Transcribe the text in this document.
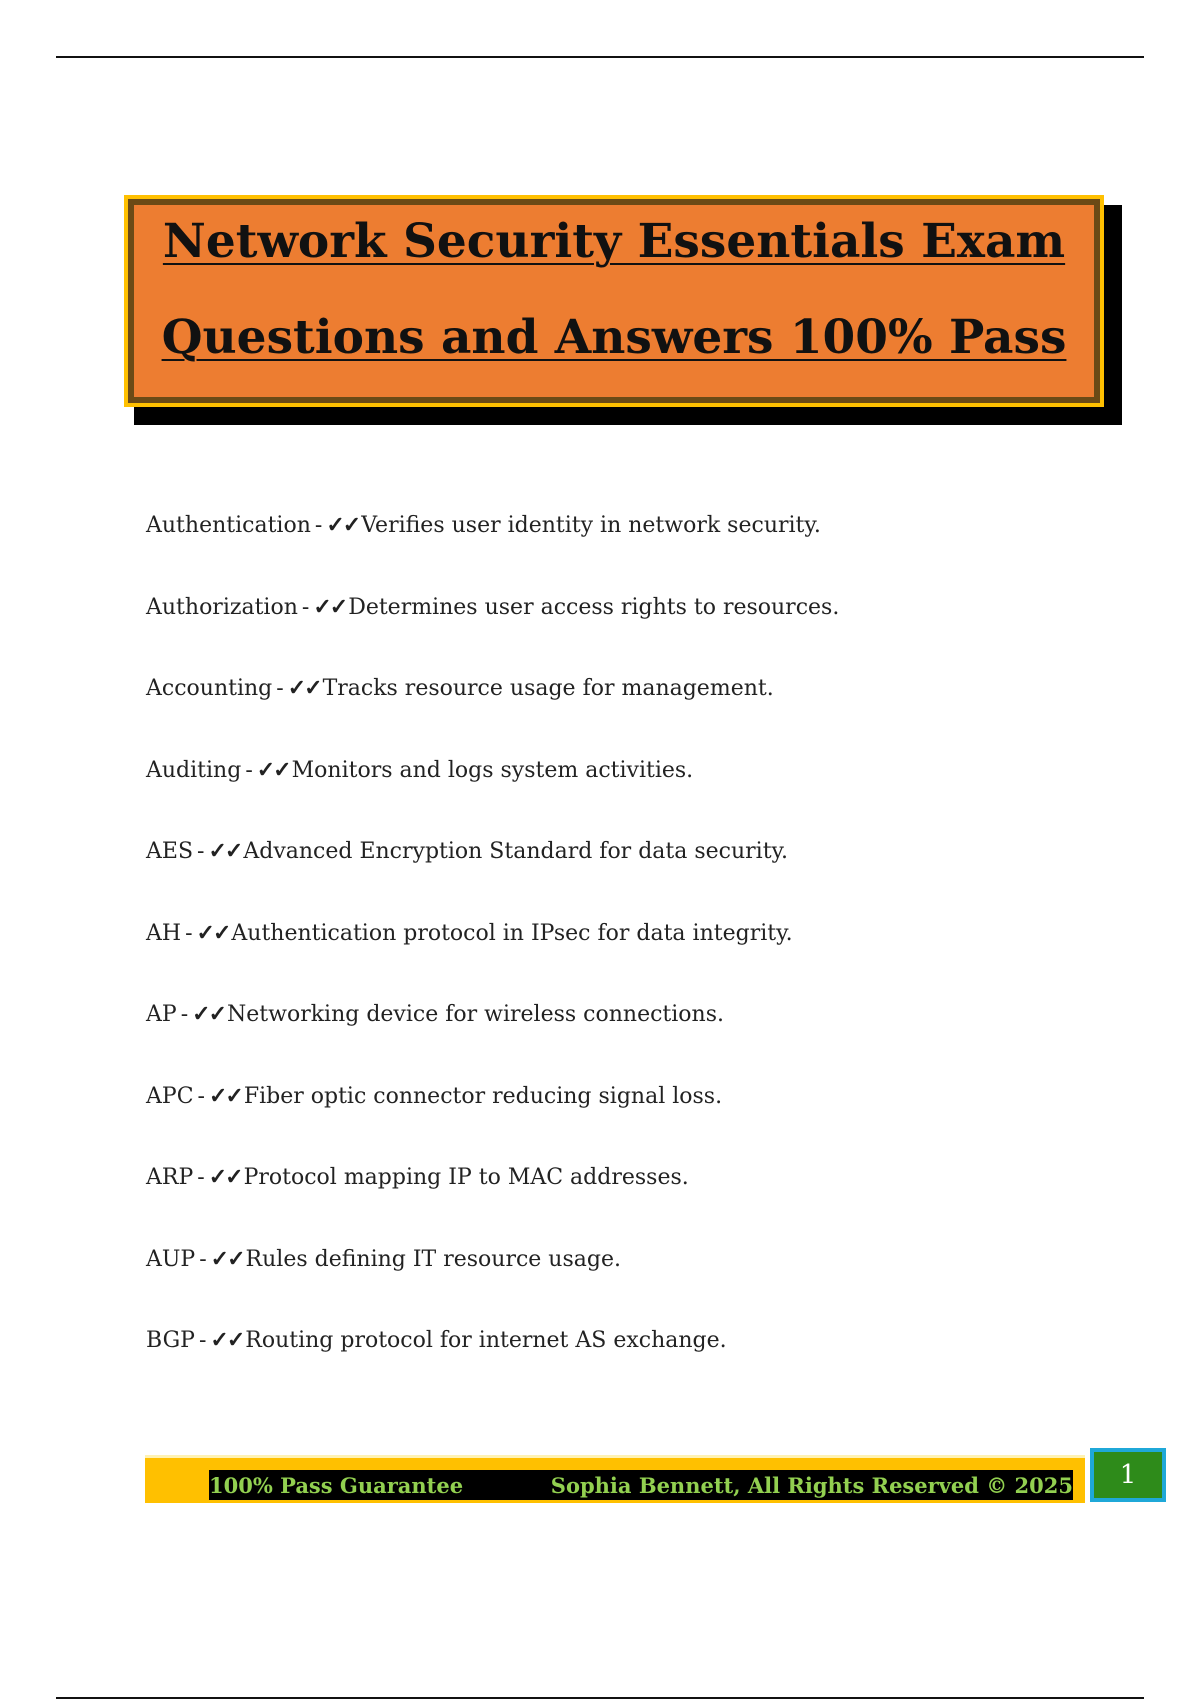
Network Security Essentials Exam
Questions and Answers 100% Pass
Authentication - ✓✓Verifies user identity in network security.
Authorization - ✓✓Determines user access rights to resources.
Accounting - ✓✓Tracks resource usage for management.
Auditing - ✓✓Monitors and logs system activities.
AES - ✓✓Advanced Encryption Standard for data security.
AH - ✓✓Authentication protocol in IPsec for data integrity.
AP - ✓✓Networking device for wireless connections.
APC - ✓✓Fiber optic connector reducing signal loss.
ARP - ✓✓Protocol mapping IP to MAC addresses.
AUP - ✓✓Rules defining IT resource usage.
BGP - ✓✓Routing protocol for internet AS exchange.
100% Pass Guarantee	Sophia Bennett, All Rights Reserved © 2025	1
